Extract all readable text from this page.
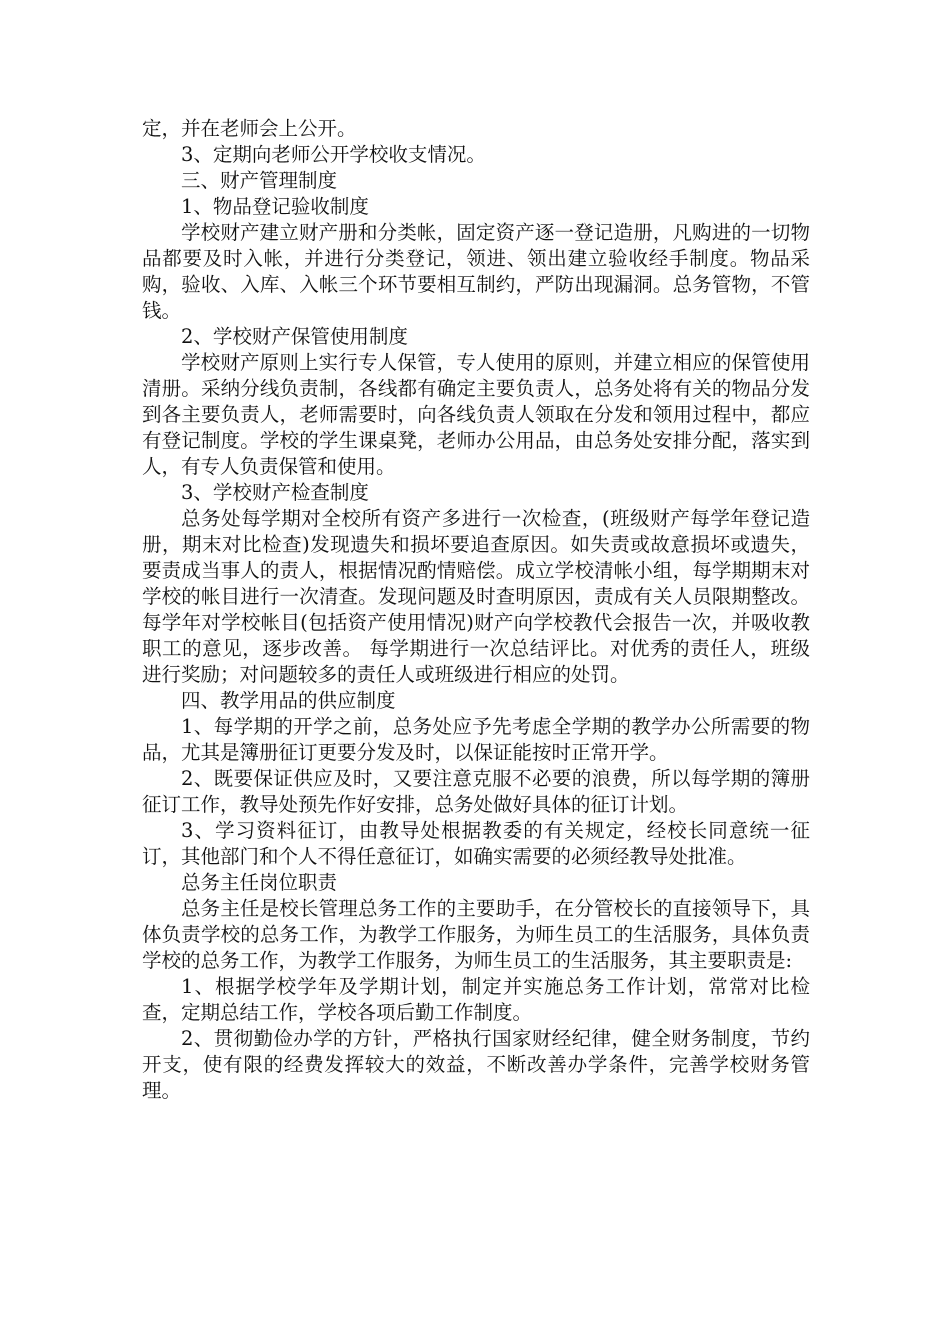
定，并在老师会上公开。

3、定期向老师公开学校收支情况。

三、财产管理制度

1、物品登记验收制度

学校财产建立财产册和分类帐，固定资产逐一登记造册，凡购进的一切物品都要及时入帐，并进行分类登记，领进、领出建立验收经手制度。物品采购，验收、入库、入帐三个环节要相互制约，严防出现漏洞。总务管物，不管钱。

2、学校财产保管使用制度

学校财产原则上实行专人保管，专人使用的原则，并建立相应的保管使用清册。采纳分线负责制，各线都有确定主要负责人，总务处将有关的物品分发到各主要负责人，老师需要时，向各线负责人领取在分发和领用过程中，都应有登记制度。学校的学生课桌凳，老师办公用品，由总务处安排分配，落实到人，有专人负责保管和使用。

3、学校财产检查制度

总务处每学期对全校所有资产多进行一次检查，(班级财产每学年登记造册，期末对比检查)发现遗失和损坏要追查原因。如失责或故意损坏或遗失， 要责成当事人的责人，根据情况酌情赔偿。成立学校清帐小组，每学期期末对学校的帐目进行一次清查。发现问题及时查明原因，责成有关人员限期整改。每学年对学校帐目(包括资产使用情况)财产向学校教代会报告一次，并吸收教职工的意见，逐步改善。 每学期进行一次总结评比。对优秀的责任人，班级进行奖励；对问题较多的责任人或班级进行相应的处罚。

四、教学用品的供应制度

1、每学期的开学之前，总务处应予先考虑全学期的教学办公所需要的物品，尤其是簿册征订更要分发及时，以保证能按时正常开学。

2、既要保证供应及时，又要注意克服不必要的浪费，所以每学期的簿册征订工作，教导处预先作好安排，总务处做好具体的征订计划。

3、学习资料征订，由教导处根据教委的有关规定，经校长同意统一征订，其他部门和个人不得任意征订，如确实需要的必须经教导处批准。

总务主任岗位职责

总务主任是校长管理总务工作的主要助手，在分管校长的直接领导下，具体负责学校的总务工作，为教学工作服务，为师生员工的生活服务，具体负责学校的总务工作，为教学工作服务，为师生员工的生活服务，其主要职责是:

1、根据学校学年及学期计划，制定并实施总务工作计划，常常对比检查，定期总结工作，学校各项后勤工作制度。

2、贯彻勤俭办学的方针，严格执行国家财经纪律，健全财务制度，节约开支，使有限的经费发挥较大的效益，不断改善办学条件，完善学校财务管理。
